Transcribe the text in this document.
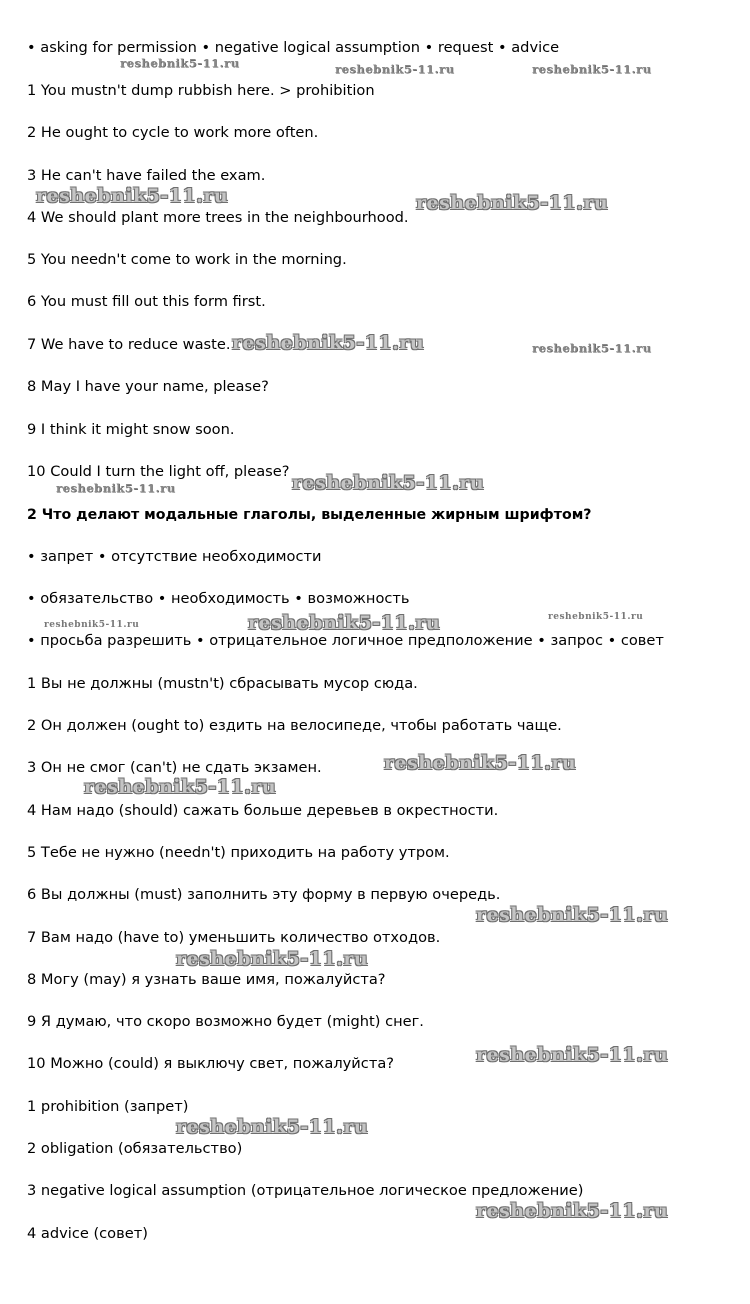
• asking for permission • negative logical assumption • request • advice
1 You mustn't dump rubbish here. > prohibition
2 He ought to cycle to work more often.
3 He can't have failed the exam.
4 We should plant more trees in the neighbourhood.
5 You needn't come to work in the morning.
6 You must fill out this form first.
7 We have to reduce waste.
8 May I have your name, please?
9 I think it might snow soon.
10 Could I turn the light off, please?
2 Что делают модальные глаголы, выделенные жирным шрифтом?
• запрет • отсутствие необходимости
• обязательство • необходимость • возможность
• просьба разрешить • отрицательное логичное предположение • запрос • совет
1 Вы не должны (mustn't) сбрасывать мусор сюда.
2 Он должен (ought to) ездить на велосипеде, чтобы работать чаще.
3 Он не смог (can't) не сдать экзамен.
4 Нам надо (should) сажать больше деревьев в окрестности.
5 Тебе не нужно (needn't) приходить на работу утром.
6 Вы должны (must) заполнить эту форму в первую очередь.
7 Вам надо (have to) уменьшить количество отходов.
8 Могу (may) я узнать ваше имя, пожалуйста?
9 Я думаю, что скоро возможно будет (might) снег.
10 Можно (could) я выключу свет, пожалуйста?
1 prohibition (запрет)
2 obligation (обязательство)
3 negative logical assumption (отрицательное логическое предложение)
4 advice (совет)
reshebnik5-11.ru	reshebnik5-11.ru	reshebnik5-11.ru
reshebnik5-11.ru	reshebnik5-11.ru
reshebnik5-11.ru	reshebnik5-11.ru
reshebnik5-11.ru	reshebnik5-11.ru
reshebnik5-11.ru	reshebnik5-11.ru
reshebnik5-11.ru
reshebnik5-11.ru
reshebnik5-11.ru
reshebnik5-11.ru
reshebnik5-11.ru
reshebnik5-11.ru
reshebnik5-11.ru
reshebnik5-11.ru
